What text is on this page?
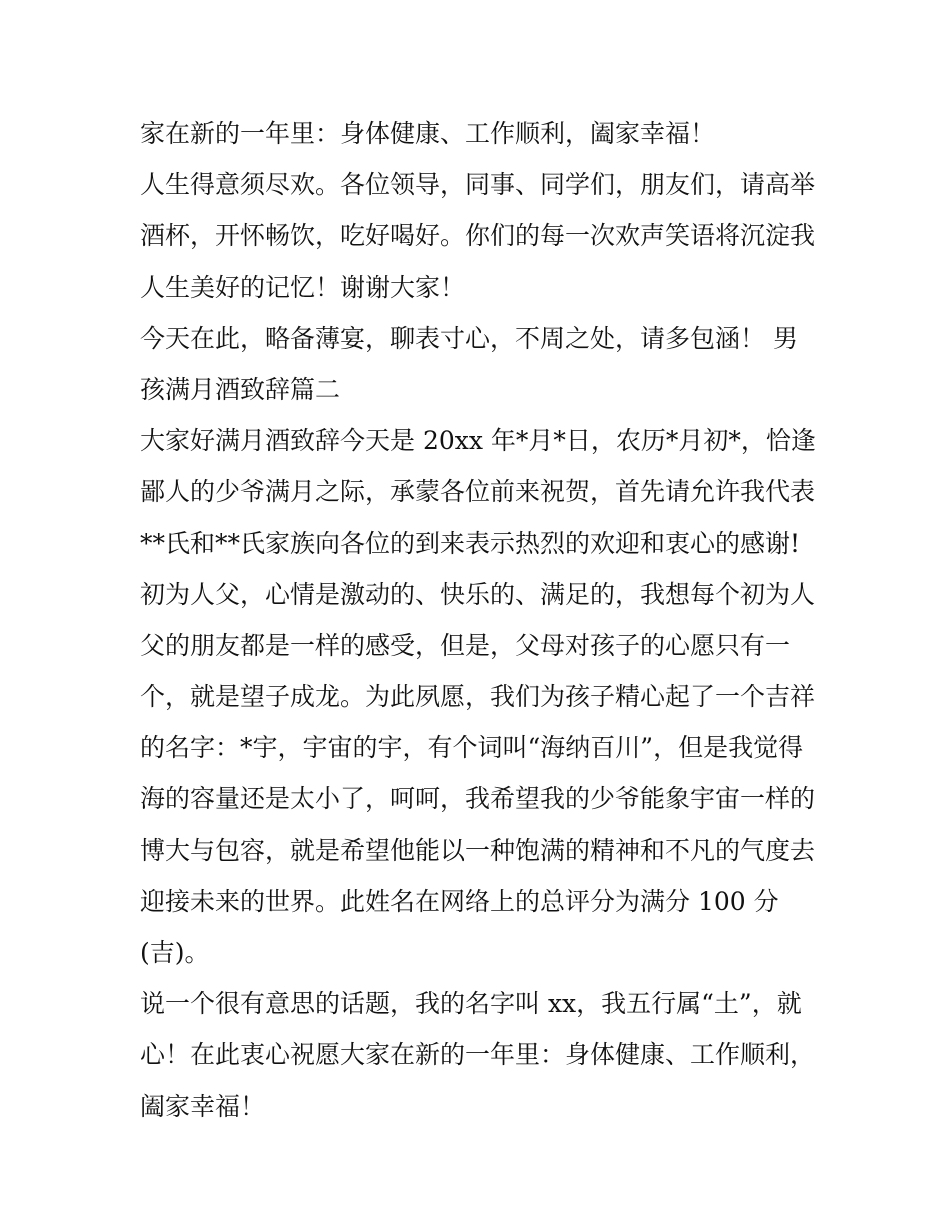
家在新的一年里：身体健康、工作顺利，阖家幸福！
人生得意须尽欢。各位领导，同事、同学们，朋友们，请高举
酒杯，开怀畅饮，吃好喝好。你们的每一次欢声笑语将沉淀我
人生美好的记忆！谢谢大家！
今天在此，略备薄宴，聊表寸心，不周之处，请多包涵！ 男
孩满月酒致辞篇二
大家好满月酒致辞今天是 20xx 年*月*日，农历*月初*，恰逢
鄙人的少爷满月之际，承蒙各位前来祝贺，首先请允许我代表
**氏和**氏家族向各位的到来表示热烈的欢迎和衷心的感谢!
初为人父，心情是激动的、快乐的、满足的，我想每个初为人
父的朋友都是一样的感受，但是，父母对孩子的心愿只有一
个，就是望子成龙。为此夙愿，我们为孩子精心起了一个吉祥
的名字：*宇，宇宙的宇，有个词叫“海纳百川”，但是我觉得
海的容量还是太小了，呵呵，我希望我的少爷能象宇宙一样的
博大与包容，就是希望他能以一种饱满的精神和不凡的气度去
迎接未来的世界。此姓名在网络上的总评分为满分 100 分
(吉)。
说一个很有意思的话题，我的名字叫 xx，我五行属“土”，就
心！在此衷心祝愿大家在新的一年里：身体健康、工作顺利，
阖家幸福！
